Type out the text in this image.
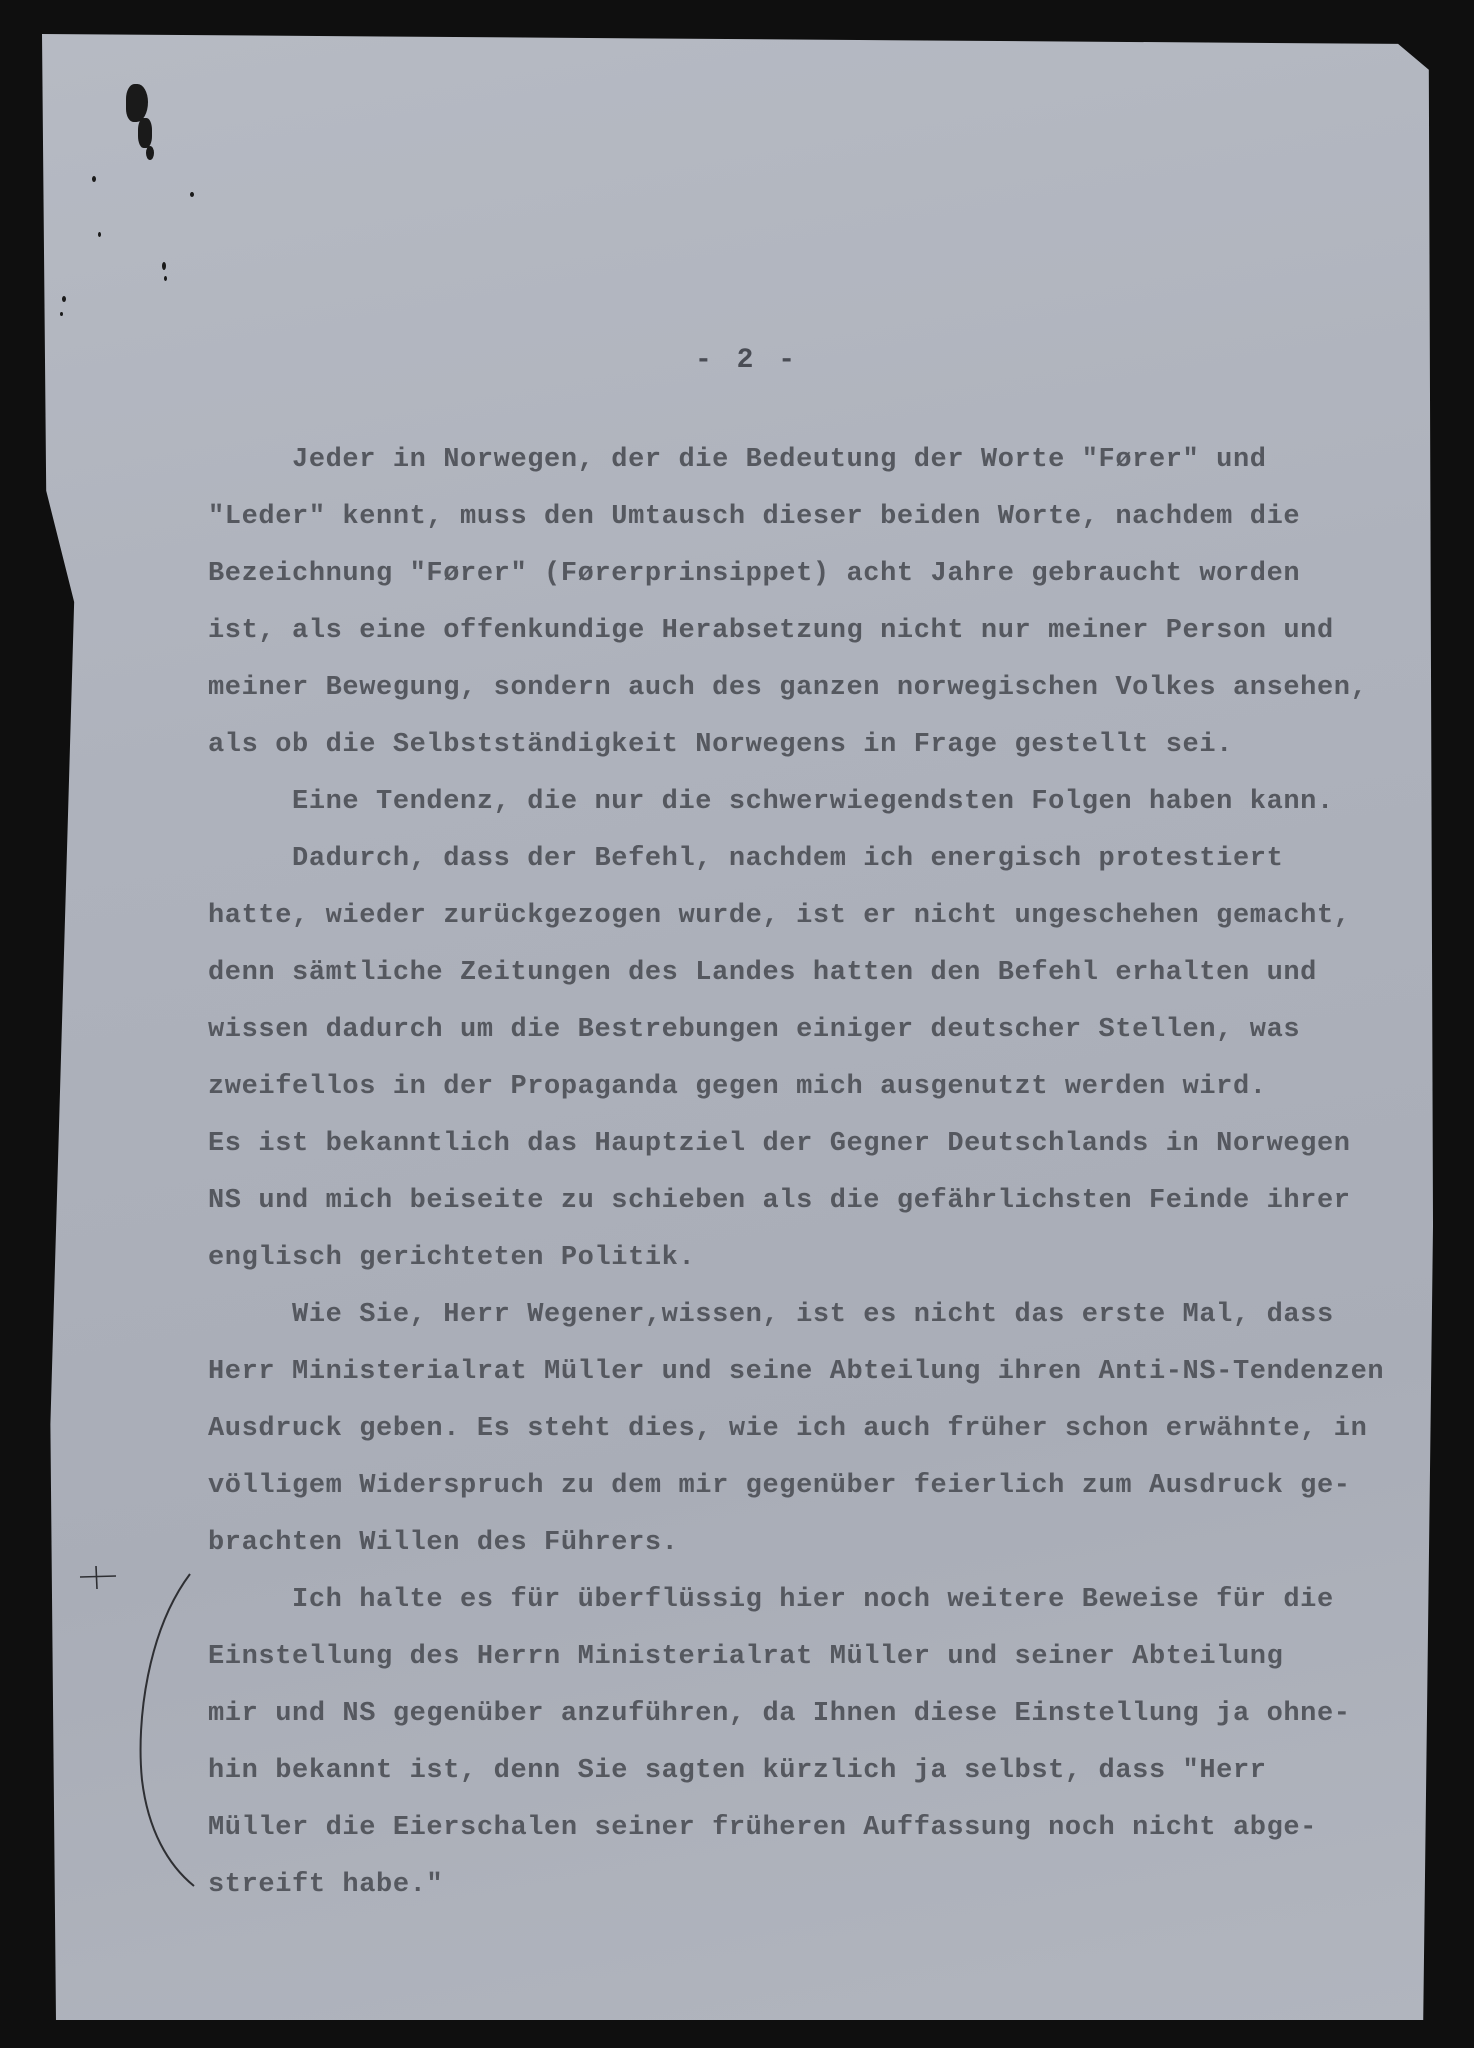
- 2 -
Jeder in Norwegen, der die Bedeutung der Worte "Fører" und
"Leder" kennt, muss den Umtausch dieser beiden Worte, nachdem die
Bezeichnung "Fører" (Førerprinsippet) acht Jahre gebraucht worden
ist, als eine offenkundige Herabsetzung nicht nur meiner Person und
meiner Bewegung, sondern auch des ganzen norwegischen Volkes ansehen,
als ob die Selbstständigkeit Norwegens in Frage gestellt sei.
Eine Tendenz, die nur die schwerwiegendsten Folgen haben kann.
Dadurch, dass der Befehl, nachdem ich energisch protestiert
hatte, wieder zurückgezogen wurde, ist er nicht ungeschehen gemacht,
denn sämtliche Zeitungen des Landes hatten den Befehl erhalten und
wissen dadurch um die Bestrebungen einiger deutscher Stellen, was
zweifellos in der Propaganda gegen mich ausgenutzt werden wird.
Es ist bekanntlich das Hauptziel der Gegner Deutschlands in Norwegen
NS und mich beiseite zu schieben als die gefährlichsten Feinde ihrer
englisch gerichteten Politik.
Wie Sie, Herr Wegener,wissen, ist es nicht das erste Mal, dass
Herr Ministerialrat Müller und seine Abteilung ihren Anti-NS-Tendenzen
Ausdruck geben. Es steht dies, wie ich auch früher schon erwähnte, in
völligem Widerspruch zu dem mir gegenüber feierlich zum Ausdruck ge-
brachten Willen des Führers.
Ich halte es für überflüssig hier noch weitere Beweise für die
Einstellung des Herrn Ministerialrat Müller und seiner Abteilung
mir und NS gegenüber anzuführen, da Ihnen diese Einstellung ja ohne-
hin bekannt ist, denn Sie sagten kürzlich ja selbst, dass "Herr
Müller die Eierschalen seiner früheren Auffassung noch nicht abge-
streift habe."
